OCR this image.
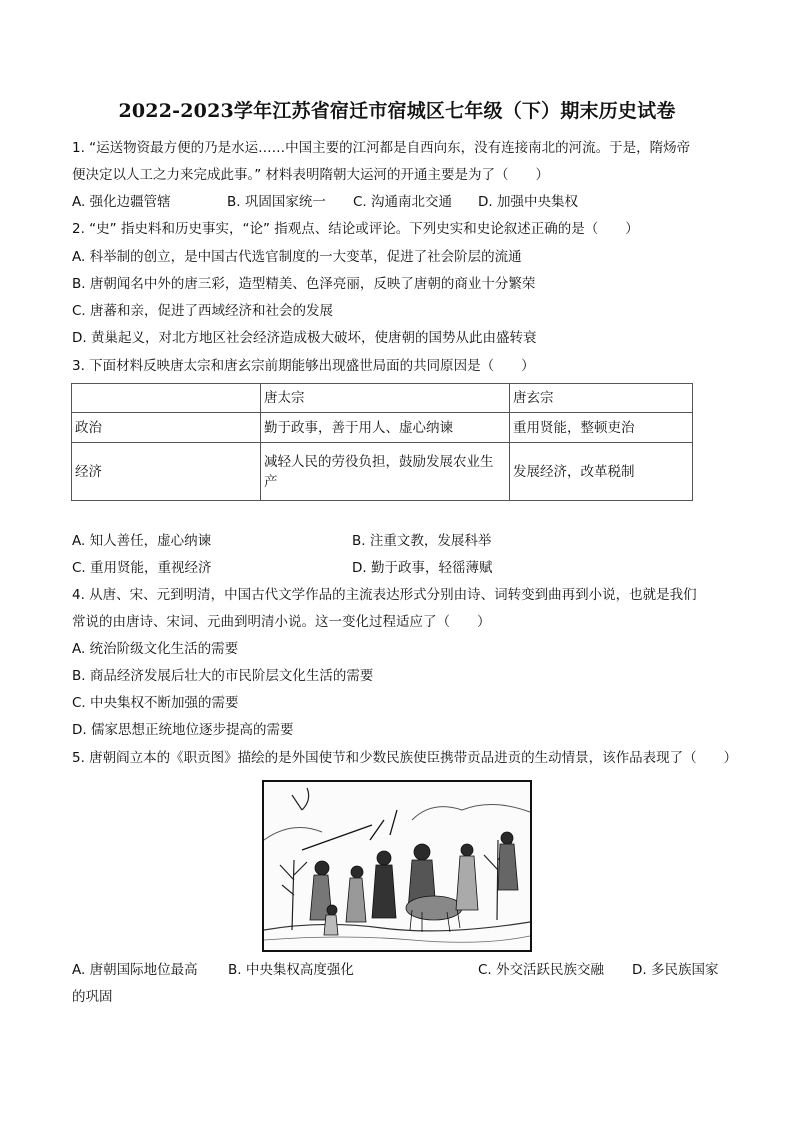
2022-2023学年江苏省宿迁市宿城区七年级（下）期末历史试卷
1. “运送物资最方便的乃是水运……中国主要的江河都是自西向东，没有连接南北的河流。于是，隋炀帝
便决定以人工之力来完成此事。” 材料表明隋朝大运河的开通主要是为了（　　）
A. 强化边疆管辖	B. 巩固国家统一 C. 沟通南北交通 D. 加强中央集权
2. “史” 指史料和历史事实，“论” 指观点、结论或评论。下列史实和史论叙述正确的是（　　）
A. 科举制的创立，是中国古代选官制度的一大变革，促进了社会阶层的流通
B. 唐朝闻名中外的唐三彩，造型精美、色泽亮丽，反映了唐朝的商业十分繁荣
C. 唐蕃和亲，促进了西域经济和社会的发展
D. 黄巢起义，对北方地区社会经济造成极大破坏，使唐朝的国势从此由盛转衰
3. 下面材料反映唐太宗和唐玄宗前期能够出现盛世局面的共同原因是（　　）
	唐太宗	唐玄宗
政治	勤于政事，善于用人、虚心纳谏	重用贤能，整顿吏治
经济	减轻人民的劳役负担，鼓励发展农业生产	发展经济，改革税制
A. 知人善任，虚心纳谏	B. 注重文教，发展科举
C. 重用贤能，重视经济	D. 勤于政事，轻徭薄赋
4. 从唐、宋、元到明清，中国古代文学作品的主流表达形式分别由诗、词转变到曲再到小说，也就是我们
常说的由唐诗、宋词、元曲到明清小说。这一变化过程适应了（　　）
A. 统治阶级文化生活的需要
B. 商品经济发展后壮大的市民阶层文化生活的需要
C. 中央集权不断加强的需要
D. 儒家思想正统地位逐步提高的需要
5. 唐朝阎立本的《职贡图》描绘的是外国使节和少数民族使臣携带贡品进贡的生动情景，该作品表现了（　　）
A. 唐朝国际地位最高 B. 中央集权高度强化	C. 外交活跃民族交融 D. 多民族国家
的巩固
